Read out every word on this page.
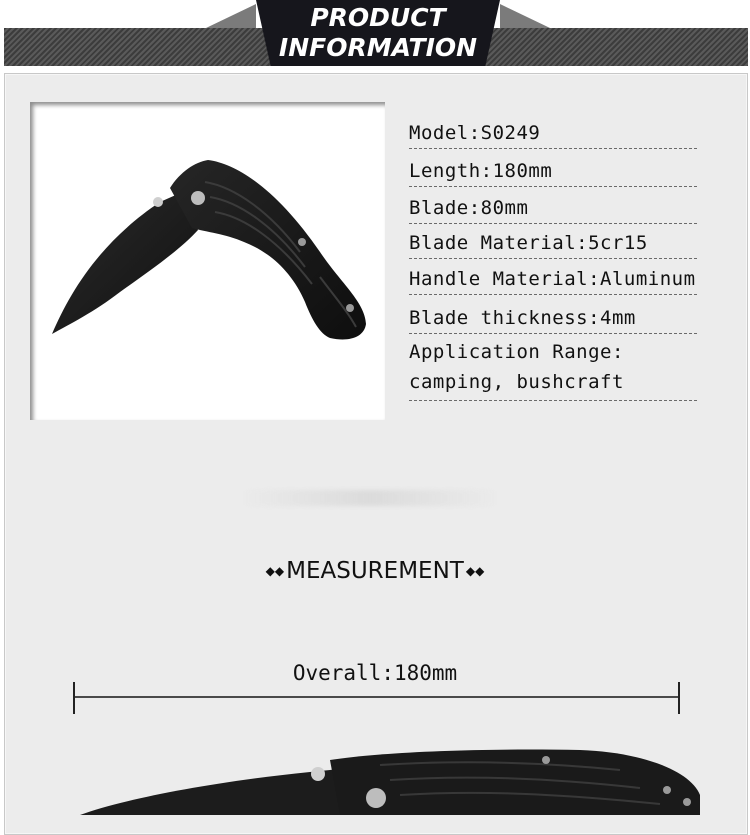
PRODUCT
INFORMATION
Model:S0249
Length:180mm
Blade:80mm
Blade Material:5cr15
Handle Material:Aluminum
Blade thickness:4mm
Application Range:
camping, bushcraft
◆◆ MEASUREMENT ◆◆
Overall:180mm
